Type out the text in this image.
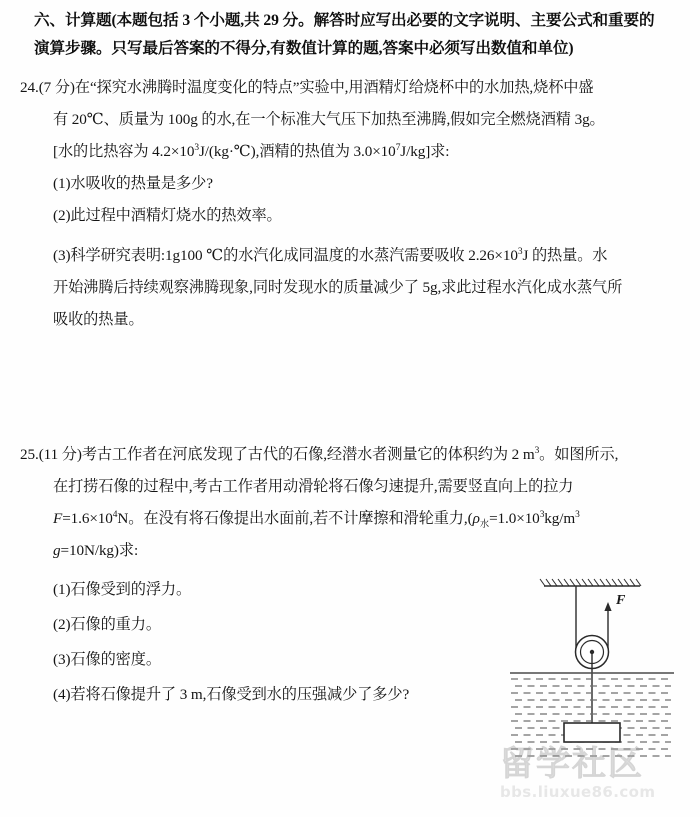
六、计算题(本题包括 3 个小题,共 29 分。解答时应写出必要的文字说明、主要公式和重要的
演算步骤。只写最后答案的不得分,有数值计算的题,答案中必须写出数值和单位)
24.(7 分)在“探究水沸腾时温度变化的特点”实验中,用酒精灯给烧杯中的水加热,烧杯中盛
有 20℃、质量为 100g 的水,在一个标准大气压下加热至沸腾,假如完全燃烧酒精 3g。
[水的比热容为 $4.2\times 10^3J/(kg\cdot℃)$,酒精的热值为 $3.0\times 10^7J/kg$]求:
(1)水吸收的热量是多少?
(2)此过程中酒精灯烧水的热效率。
(3)科学研究表明:1g100 ℃的水汽化成同温度的水蒸汽需要吸收 $2.26\times 10^3J$ 的热量。水
开始沸腾后持续观察沸腾现象,同时发现水的质量减少了 5g,求此过程水汽化成水蒸气所
吸收的热量。
25.(11 分)考古工作者在河底发现了古代的石像,经潜水者测量它的体积约为 2 $m^3$。如图所示,
在打捞石像的过程中,考古工作者用动滑轮将石像匀速提升,需要竖直向上的拉力
$F=1.6\times 10^4N$。在没有将石像提出水面前,若不计摩擦和滑轮重力$,(\rho_水=1.0\times 10^3kg/m^3$
g=10N/kg)求:
(1)石像受到的浮力。
(2)石像的重力。
(3)石像的密度。
(4)若将石像提升了 3 m,石像受到水的压强减少了多少?
F
留学社区
bbs.liuxue86.com
